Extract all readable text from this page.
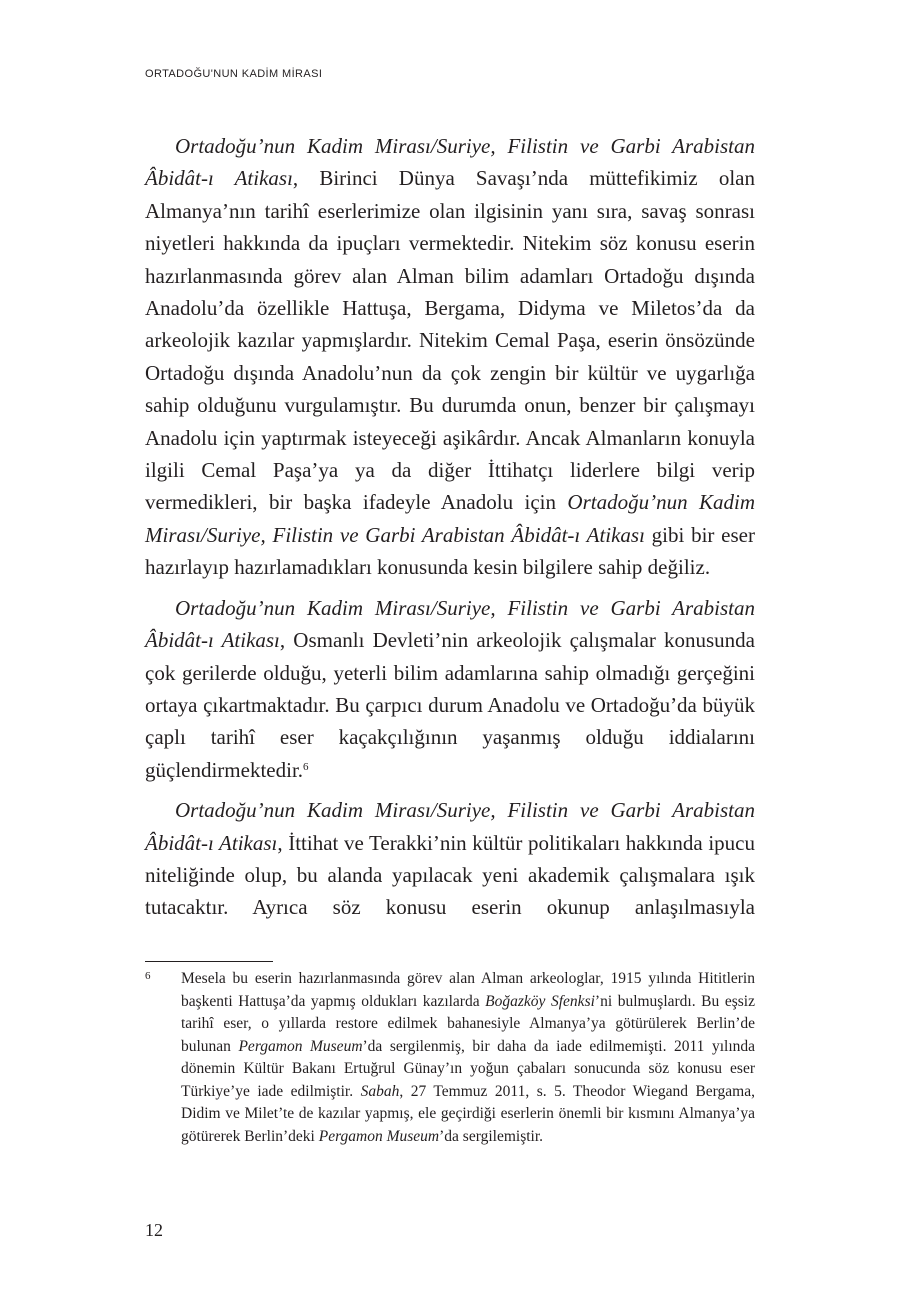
ORTADOĞU'NUN KADİM MİRASI

Ortadoğu’nun Kadim Mirası/Suriye, Filistin ve Garbi Arabistan Âbidât-ı Atikası, Birinci Dünya Savaşı’nda müttefikimiz olan Almanya’nın tarihî eserlerimize olan ilgisinin yanı sıra, savaş sonrası niyetleri hakkında da ipuçları vermektedir. Nitekim söz konusu eserin hazırlanmasında görev alan Alman bilim adamları Ortadoğu dışında Anadolu’da özellikle Hattuşa, Bergama, Didyma ve Miletos’da da arkeolojik kazılar yapmışlardır. Nitekim Cemal Paşa, eserin önsözünde Ortadoğu dışında Anadolu’nun da çok zengin bir kültür ve uygarlığa sahip olduğunu vurgulamıştır. Bu durumda onun, benzer bir çalışmayı Anadolu için yaptırmak isteyeceği aşikârdır. Ancak Almanların konuyla ilgili Cemal Paşa’ya ya da diğer İttihatçı liderlere bilgi verip vermedikleri, bir başka ifadeyle Anadolu için Ortadoğu’nun Kadim Mirası/Suriye, Filistin ve Garbi Arabistan Âbidât-ı Atikası gibi bir eser hazırlayıp hazırlamadıkları konusunda kesin bilgilere sahip değiliz.

Ortadoğu’nun Kadim Mirası/Suriye, Filistin ve Garbi Arabistan Âbidât-ı Atikası, Osmanlı Devleti’nin arkeolojik çalışmalar konusunda çok gerilerde olduğu, yeterli bilim adamlarına sahip olmadığı gerçeğini ortaya çıkartmaktadır. Bu çarpıcı durum Anadolu ve Ortadoğu’da büyük çaplı tarihî eser kaçakçılığının yaşanmış olduğu iddialarını güçlendirmektedir.$^6$

Ortadoğu’nun Kadim Mirası/Suriye, Filistin ve Garbi Arabistan Âbidât-ı Atikası, İttihat ve Terakki’nin kültür politikaları hakkında ipucu niteliğinde olup, bu alanda yapılacak yeni akademik çalışmalara ışık tutacaktır. Ayrıca söz konusu eserin okunup anlaşılmasıyla

6 Mesela bu eserin hazırlanmasında görev alan Alman arkeologlar, 1915 yılında Hititlerin başkenti Hattuşa’da yapmış oldukları kazılarda Boğazköy Sfenksi’ni bulmuşlardı. Bu eşsiz tarihî eser, o yıllarda restore edilmek bahanesiyle Almanya’ya götürülerek Berlin’de bulunan Pergamon Museum’da sergilenmiş, bir daha da iade edilmemişti. 2011 yılında dönemin Kültür Bakanı Ertuğrul Günay’ın yoğun çabaları sonucunda söz konusu eser Türkiye’ye iade edilmiştir. Sabah, 27 Temmuz 2011, s. 5. Theodor Wiegand Bergama, Didim ve Milet’te de kazılar yapmış, ele geçirdiği eserlerin önemli bir kısmını Almanya’ya götürerek Berlin’deki Pergamon Museum’da sergilemiştir.
12
